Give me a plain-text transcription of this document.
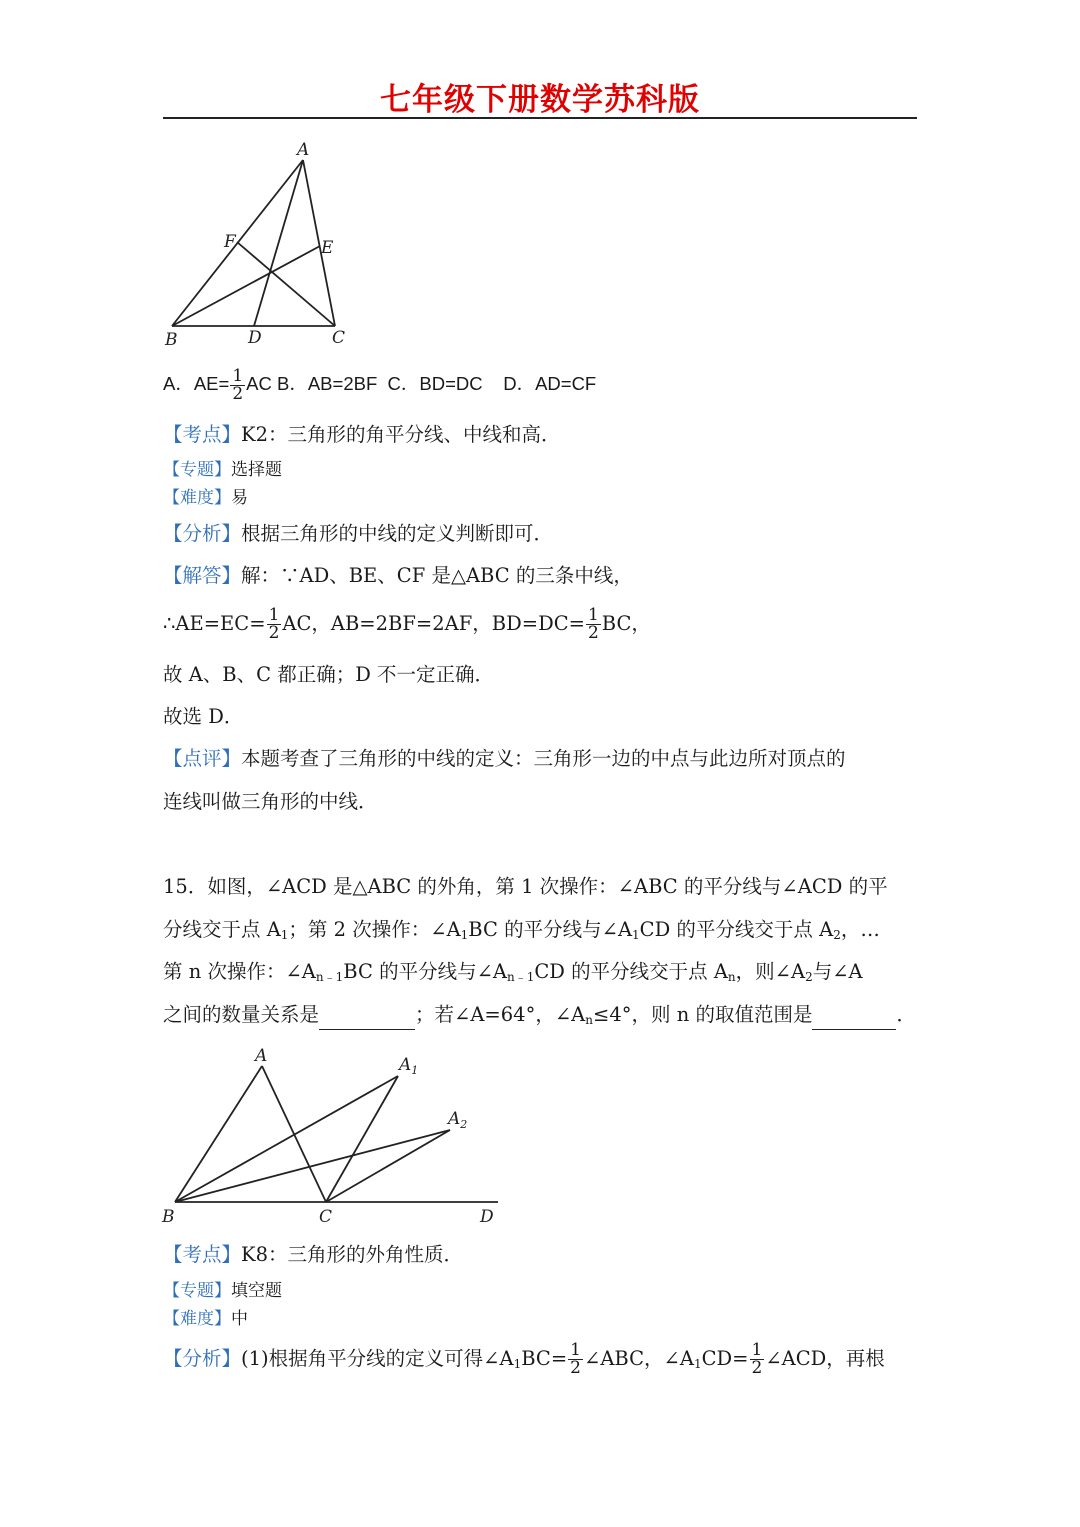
七年级下册数学苏科版
A
B	C
D
E
F
A．$AE= \frac{1}{2}$ AC B．AB=2BF C．BD=DC D．AD=CF
【考点】K2：三角形的角平分线、中线和高．
【专题】选择题
【难度】易
【分析】根据三角形的中线的定义判断即可．
【解答】解：∵AD、BE、CF 是△ABC 的三条中线，
∴AE=EC= $\frac{1}{2}$ AC，AB=2BF=2AF，$BD=DC= \frac{1}{2}$ BC，
故 A、B、C 都正确；D 不一定正确．
故选 D．
【点评】本题考查了三角形的中线的定义：三角形一边的中点与此边所对顶点的
连线叫做三角形的中线．
15．如图，∠ACD 是△ABC 的外角，第 1 次操作：∠ABC 的平分线与∠ACD 的平
分线交于点 $A_1$；第 2 次操作：$\angle A_1BC$ 的平分线与$\angle A_1CD$ 的平分线交于点 $A_2$，…
第 n 次操作：$\angle A_{n﹣1}BC$ 的平分线与$\angle A_{n﹣1}CD$ 的平分线交于点 $A_n$，则$\angle A_2$与∠A
之间的数量关系是	；若∠A=64°，$\angle A_n\le 4^\circ$，则 n 的取值范围是	．
A	$A_1$
$A_2$
B	C	D
【考点】K8：三角形的外角性质．
【专题】填空题
【难度】中
【分析】(1)根据角平分线的定义可得$\angle A_1BC= \frac{1}{2}$ ∠ABC，$\angle A_1CD= \frac{1}{2}$ ∠ACD，再根
